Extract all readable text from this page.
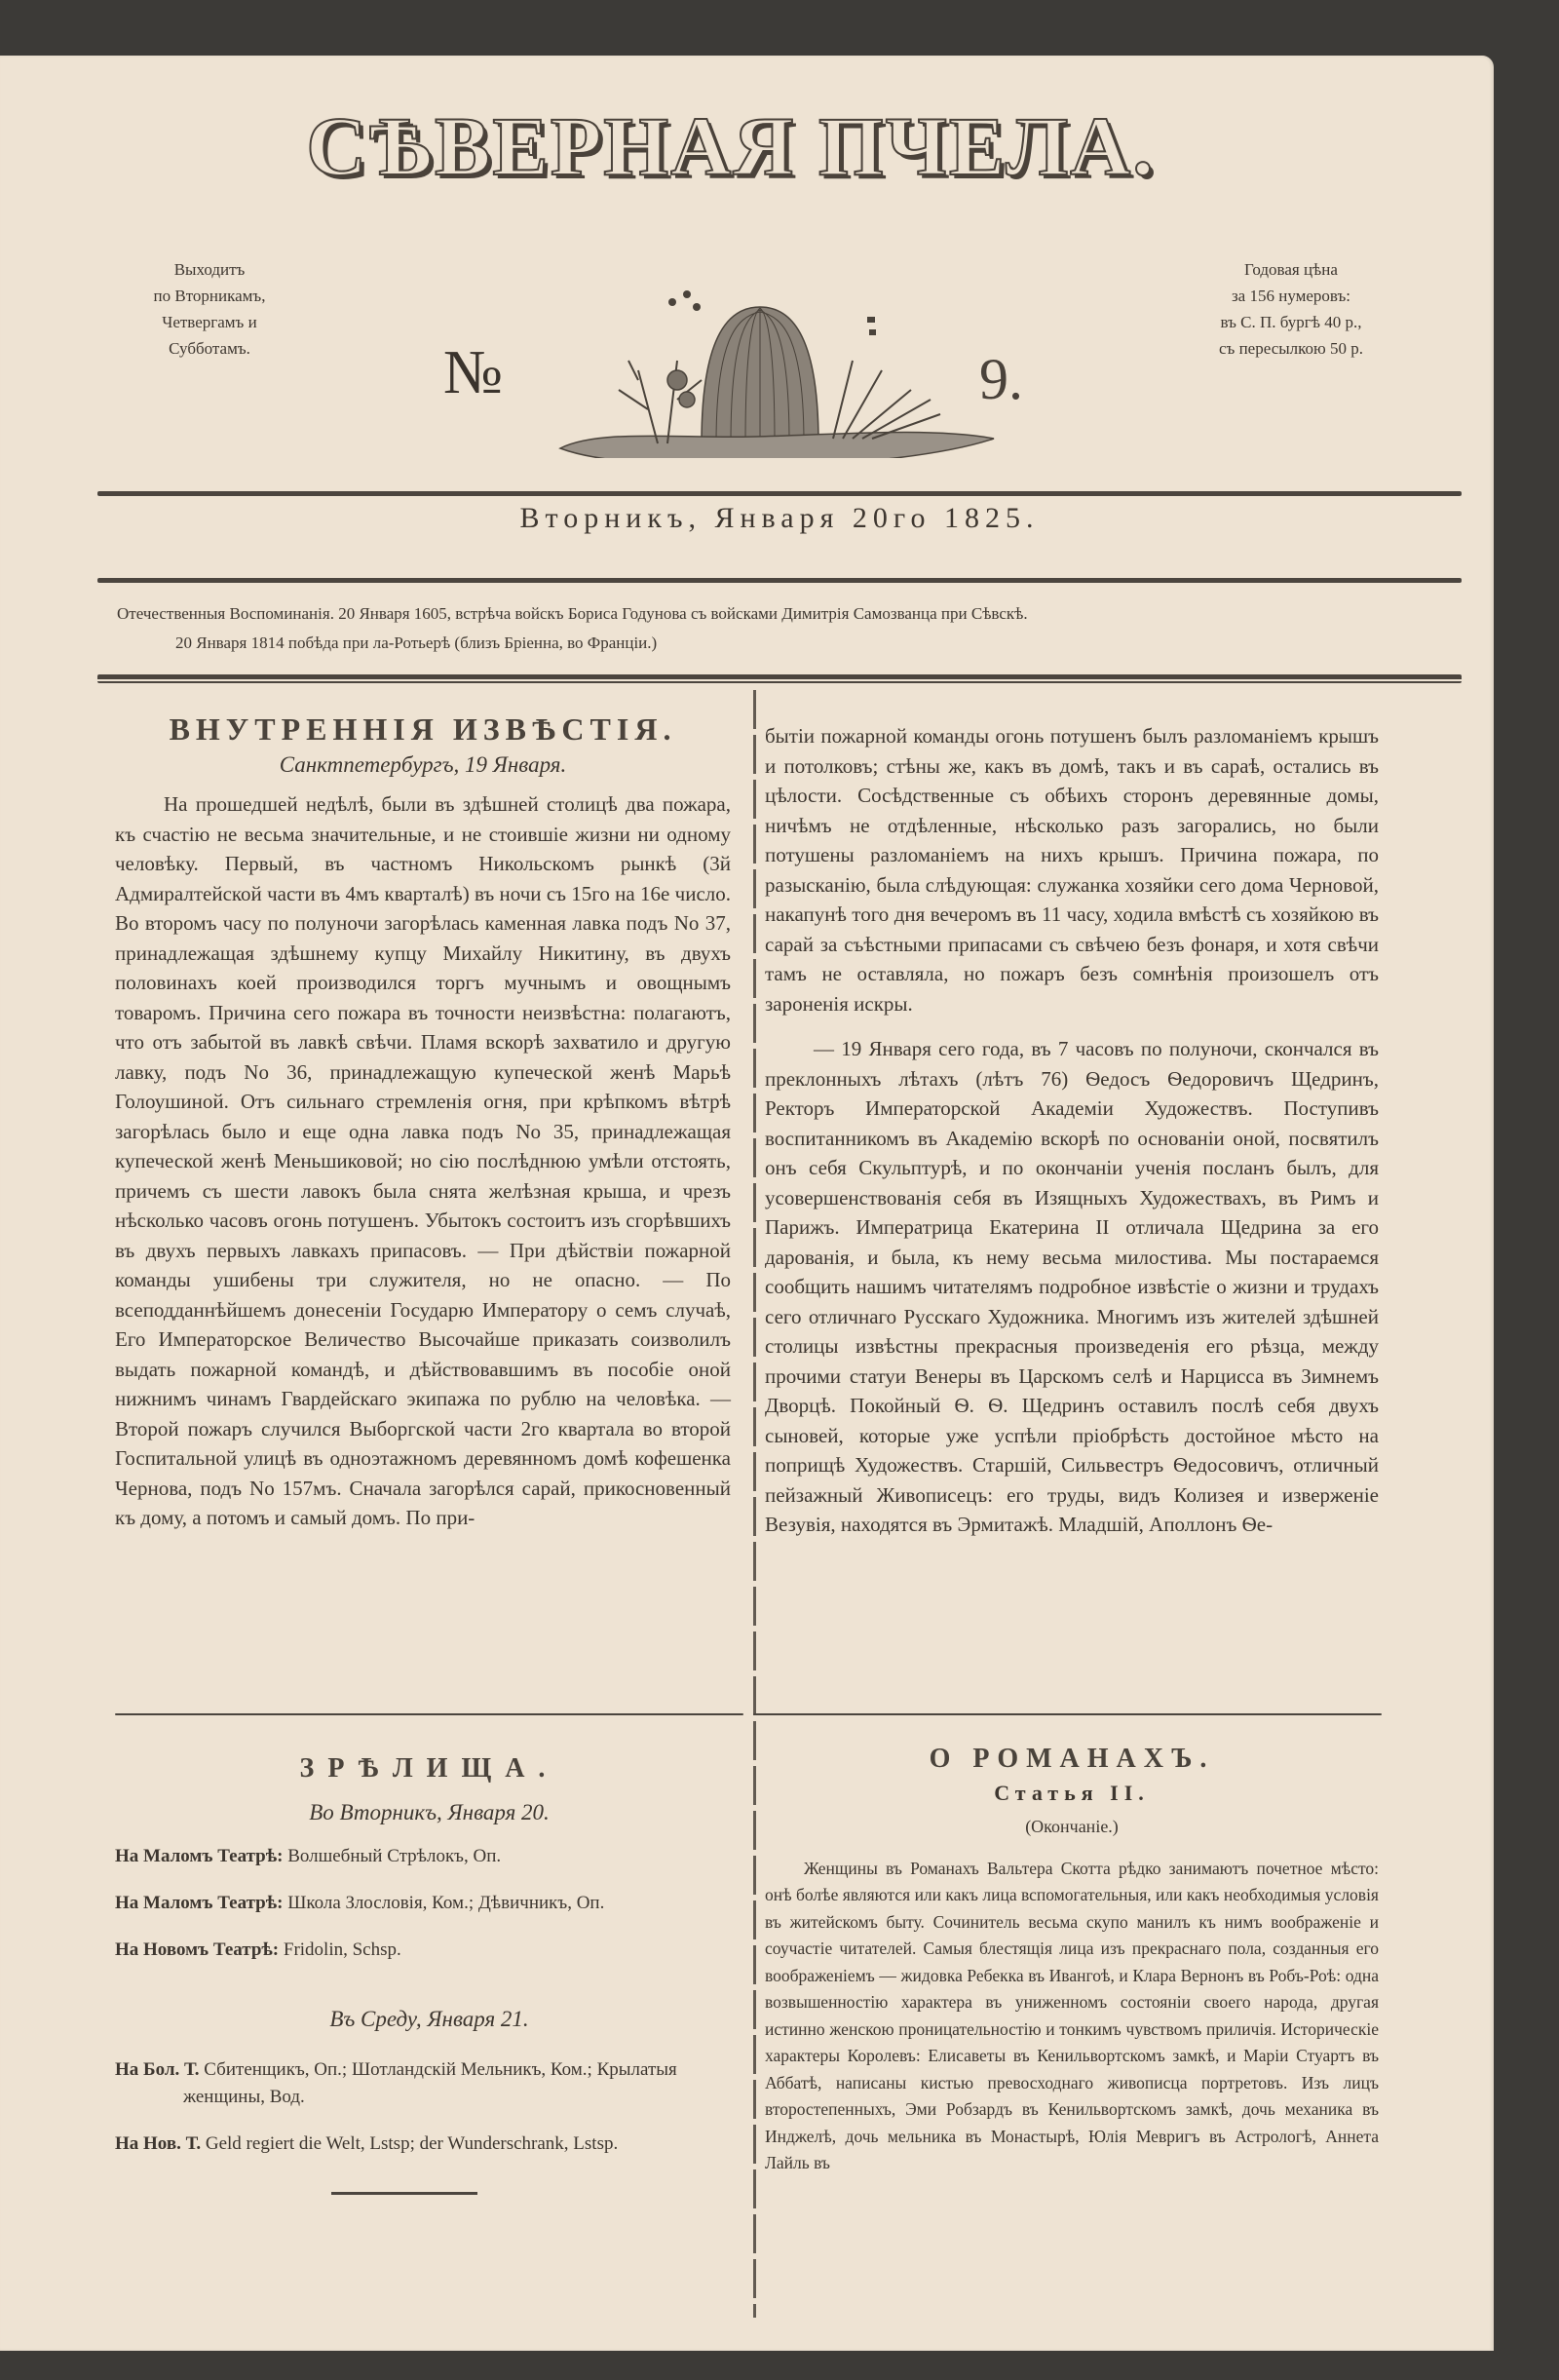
СѢВЕРНАЯ ПЧЕЛА.
Выходитъ
по Вторникамъ,
Четвергамъ и
Субботамъ.
Годовая цѣна
за 156 нумеровъ:
въ С. П. бургѣ 40 р.,
съ пересылкою 50 р.
№	9.
Вторникъ, Января 20го 1825.
Отечественныя Воспоминанія. 20 Января 1605, встрѣча войскъ Бориса Годунова съ войсками Димитрія Самозванца при Сѣвскѣ.
20 Января 1814 побѣда при ла-Ротьерѣ (близъ Бріенна, во Франціи.)
ВНУТРЕННІЯ ИЗВѢСТІЯ.
Санктпетербургъ, 19 Января.

На прошедшей недѣлѣ, были въ здѣшней столицѣ два пожара, къ счастію не весьма значительные, и не стоившіе жизни ни одному человѣку. Первый, въ частномъ Никольскомъ рынкѣ (3й Адмиралтейской части въ 4мъ кварталѣ) въ ночи съ 15го на 16е число. Во второмъ часу по полуночи загорѣлась каменная лавка подъ No 37, принадлежащая здѣшнему купцу Михайлу Никитину, въ двухъ половинахъ коей производился торгъ мучнымъ и овощнымъ товаромъ. Причина сего пожара въ точности неизвѣстна: полагаютъ, что отъ забытой въ лавкѣ свѣчи. Пламя вскорѣ захватило и другую лавку, подъ No 36, принадлежащую купеческой женѣ Марьѣ Голоушиной. Отъ сильнаго стремленія огня, при крѣпкомъ вѣтрѣ загорѣлась было и еще одна лавка подъ No 35, принадлежащая купеческой женѣ Меньшиковой; но сію послѣднюю умѣли отстоять, причемъ съ шести лавокъ была снята желѣзная крыша, и чрезъ нѣсколько часовъ огонь потушенъ. Убытокъ состоитъ изъ сгорѣвшихъ въ двухъ первыхъ лавкахъ припасовъ. — При дѣйствіи пожарной команды ушибены три служителя, но не опасно. — По всеподданнѣйшемъ донесеніи Государю Императору о семъ случаѣ, Его Императорское Величество Высочайше приказать соизволилъ выдать пожарной командѣ, и дѣйствовавшимъ въ пособіе оной нижнимъ чинамъ Гвардейскаго экипажа по рублю на человѣка. — Второй пожаръ случился Выборгской части 2го квартала во второй Госпитальной улицѣ въ одноэтажномъ деревянномъ домѣ кофешенка Чернова, подъ No 157мъ. Сначала загорѣлся сарай, прикосновенный къ дому, а потомъ и самый домъ. По при-

ЗРѢЛИЩА.
Во Вторникъ, Января 20.
На Маломъ Театрѣ: Волшебный Стрѣлокъ, Оп.
На Маломъ Театрѣ: Школа Злословія, Ком.; Дѣвичникъ, Оп.
На Новомъ Театрѣ: Fridolin, Schsp.
Въ Среду, Января 21.
На Бол. Т. Сбитенщикъ, Оп.; Шотландскій Мельникъ, Ком.; Крылатыя женщины, Вод.
На Нов. Т. Geld regiert die Welt, Lstsp; der Wunderschrank, Lstsp.

бытіи пожарной команды огонь потушенъ былъ разломаніемъ крышъ и потолковъ; стѣны же, какъ въ домѣ, такъ и въ сараѣ, остались въ цѣлости. Сосѣдственные съ обѣихъ сторонъ деревянные домы, ничѣмъ не отдѣленные, нѣсколько разъ загорались, но были потушены разломаніемъ на нихъ крышъ. Причина пожара, по разысканію, была слѣдующая: служанка хозяйки сего дома Черновой, накапунѣ того дня вечеромъ въ 11 часу, ходила вмѣстѣ съ хозяйкою въ сарай за съѣстными припасами съ свѣчею безъ фонаря, и хотя свѣчи тамъ не оставляла, но пожаръ безъ сомнѣнія произошелъ отъ зароненія искры.

— 19 Января сего года, въ 7 часовъ по полуночи, скончался въ преклонныхъ лѣтахъ (лѣтъ 76) Ѳедосъ Ѳедоровичъ Щедринъ, Ректоръ Императорской Академіи Художествъ. Поступивъ воспитанникомъ въ Академію вскорѣ по основаніи оной, посвятилъ онъ себя Скульптурѣ, и по окончаніи ученія посланъ былъ, для усовершенствованія себя въ Изящныхъ Художествахъ, въ Римъ и Парижъ. Императрица Екатерина II отличала Щедрина за его дарованія, и была, къ нему весьма милостива. Мы постараемся сообщить нашимъ читателямъ подробное извѣстіе о жизни и трудахъ сего отличнаго Русскаго Художника. Многимъ изъ жителей здѣшней столицы извѣстны прекрасныя произведенія его рѣзца, между прочими статуи Венеры въ Царскомъ селѣ и Нарцисса въ Зимнемъ Дворцѣ. Покойный Ѳ. Ѳ. Щедринъ оставилъ послѣ себя двухъ сыновей, которые уже успѣли пріобрѣсть достойное мѣсто на поприщѣ Художествъ. Старшій, Сильвестръ Ѳедосовичъ, отличный пейзажный Живописецъ: его труды, видъ Колизея и изверженіе Везувія, находятся въ Эрмитажѣ. Младшій, Аполлонъ Ѳе-

О РОМАНАХЪ.
Статья II.
(Окончаніе.)

Женщины въ Романахъ Вальтера Скотта рѣдко занимаютъ почетное мѣсто: онѣ болѣе являются или какъ лица вспомогательныя, или какъ необходимыя условія въ житейскомъ быту. Сочинитель весьма скупо манилъ къ нимъ воображеніе и соучастіе читателей. Самыя блестящія лица изъ прекраснаго пола, созданныя его воображеніемъ — жидовка Ребекка въ Ивангоѣ, и Клара Вернонъ въ Робъ-Роѣ: одна возвышенностію характера въ униженномъ состояніи своего народа, другая истинно женскою проницательностію и тонкимъ чувствомъ приличія. Историческіе характеры Королевъ: Елисаветы въ Кенильвортскомъ замкѣ, и Маріи Стуартъ въ Аббатѣ, написаны кистью превосходнаго живописца портретовъ. Изъ лицъ второстепенныхъ, Эми Робзардъ въ Кенильвортскомъ замкѣ, дочь механика въ Инджелѣ, дочь мельника въ Монастырѣ, Юлія Мевригъ въ Астрологѣ, Аннета Лайль въ
